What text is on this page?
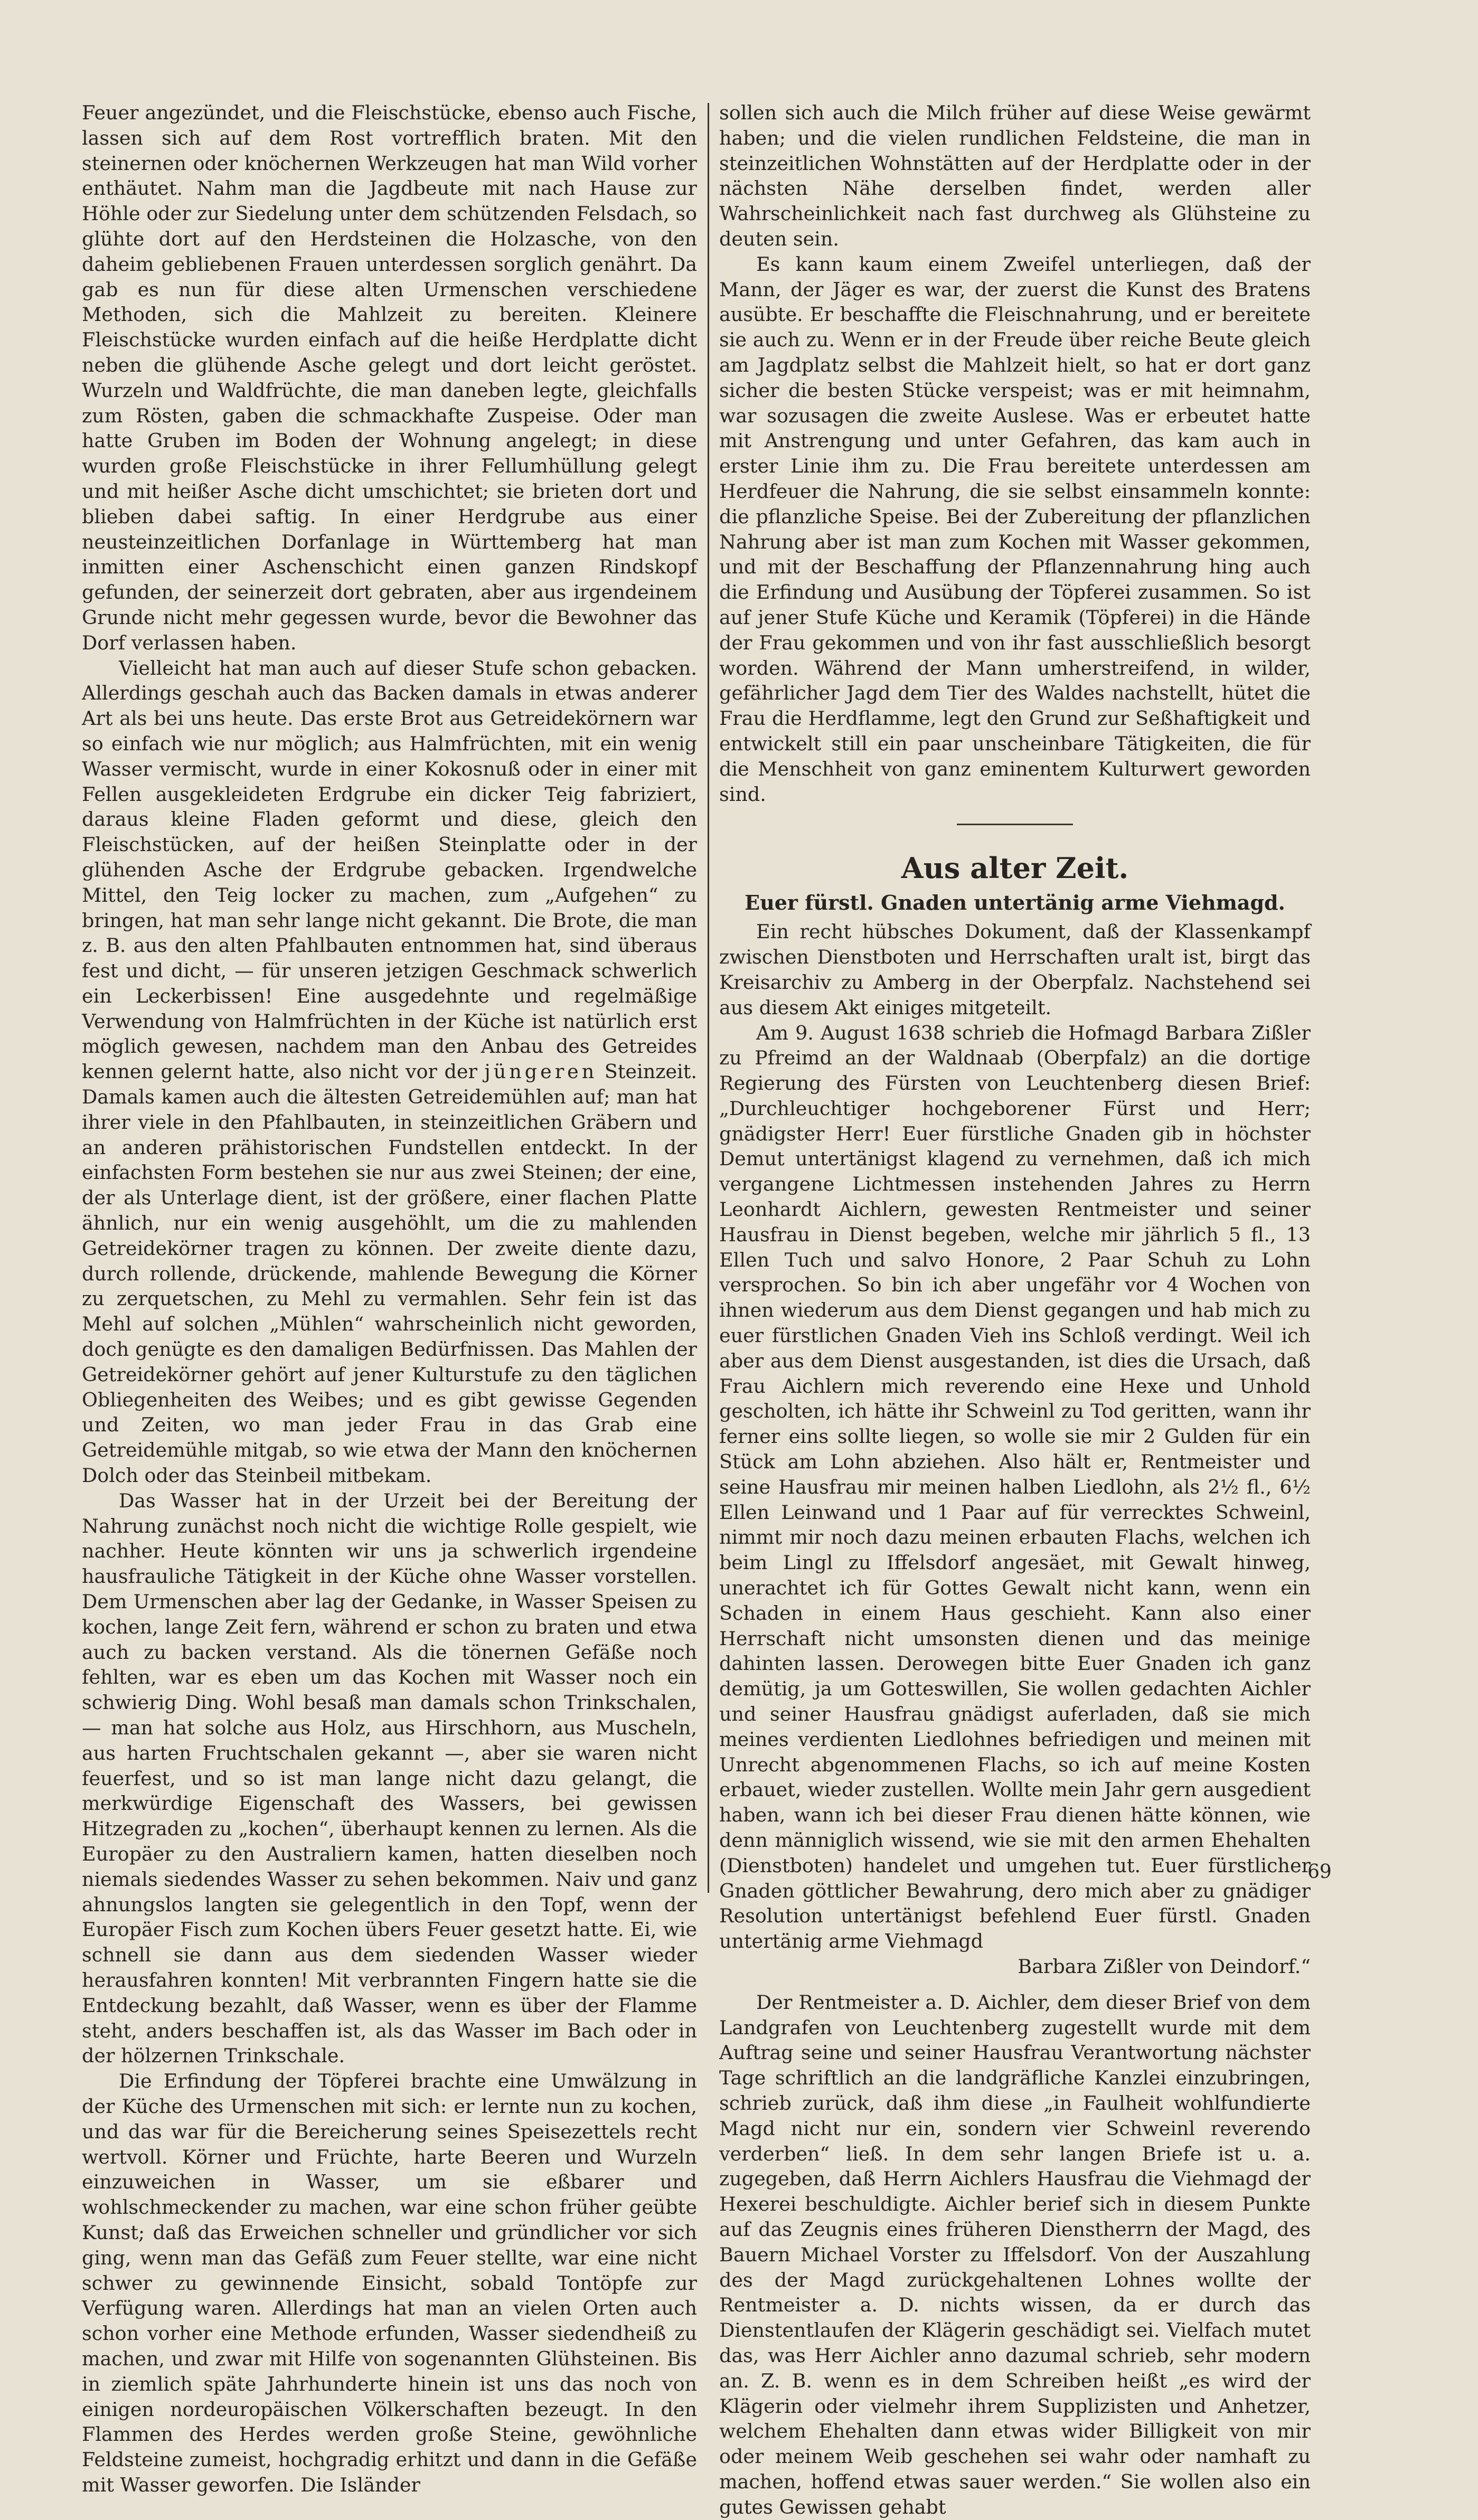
Feuer angezündet, und die Fleischstücke, ebenso auch Fische, lassen sich auf dem Rost vortrefflich braten. Mit den steinernen oder knöchernen Werkzeugen hat man Wild vorher enthäutet. Nahm man die Jagdbeute mit nach Hause zur Höhle oder zur Siedelung unter dem schützenden Felsdach, so glühte dort auf den Herdsteinen die Holzasche, von den daheim gebliebenen Frauen unterdessen sorglich genährt. Da gab es nun für diese alten Urmenschen verschiedene Methoden, sich die Mahlzeit zu bereiten. Kleinere Fleischstücke wurden einfach auf die heiße Herdplatte dicht neben die glühende Asche gelegt und dort leicht geröstet. Wurzeln und Waldfrüchte, die man daneben legte, gleichfalls zum Rösten, gaben die schmackhafte Zuspeise. Oder man hatte Gruben im Boden der Wohnung angelegt; in diese wurden große Fleischstücke in ihrer Fellumhüllung gelegt und mit heißer Asche dicht umschichtet; sie brieten dort und blieben dabei saftig. In einer Herdgrube aus einer neusteinzeitlichen Dorfanlage in Württemberg hat man inmitten einer Aschenschicht einen ganzen Rindskopf gefunden, der seinerzeit dort gebraten, aber aus irgendeinem Grunde nicht mehr gegessen wurde, bevor die Bewohner das Dorf verlassen haben.

Vielleicht hat man auch auf dieser Stufe schon gebacken. Allerdings geschah auch das Backen damals in etwas anderer Art als bei uns heute. Das erste Brot aus Getreidekörnern war so einfach wie nur möglich; aus Halmfrüchten, mit ein wenig Wasser vermischt, wurde in einer Kokosnuß oder in einer mit Fellen ausgekleideten Erdgrube ein dicker Teig fabriziert, daraus kleine Fladen geformt und diese, gleich den Fleischstücken, auf der heißen Steinplatte oder in der glühenden Asche der Erdgrube gebacken. Irgendwelche Mittel, den Teig locker zu machen, zum „Aufgehen“ zu bringen, hat man sehr lange nicht gekannt. Die Brote, die man z. B. aus den alten Pfahlbauten entnommen hat, sind überaus fest und dicht, — für unseren jetzigen Geschmack schwerlich ein Leckerbissen! Eine ausgedehnte und regelmäßige Verwendung von Halmfrüchten in der Küche ist natürlich erst möglich gewesen, nachdem man den Anbau des Getreides kennen gelernt hatte, also nicht vor der jüngeren Steinzeit. Damals kamen auch die ältesten Getreidemühlen auf; man hat ihrer viele in den Pfahlbauten, in steinzeitlichen Gräbern und an anderen prähistorischen Fundstellen entdeckt. In der einfachsten Form bestehen sie nur aus zwei Steinen; der eine, der als Unterlage dient, ist der größere, einer flachen Platte ähnlich, nur ein wenig ausgehöhlt, um die zu mahlenden Getreidekörner tragen zu können. Der zweite diente dazu, durch rollende, drückende, mahlende Bewegung die Körner zu zerquetschen, zu Mehl zu vermahlen. Sehr fein ist das Mehl auf solchen „Mühlen“ wahrscheinlich nicht geworden, doch genügte es den damaligen Bedürfnissen. Das Mahlen der Getreidekörner gehört auf jener Kulturstufe zu den täglichen Obliegenheiten des Weibes; und es gibt gewisse Gegenden und Zeiten, wo man jeder Frau in das Grab eine Getreidemühle mitgab, so wie etwa der Mann den knöchernen Dolch oder das Steinbeil mitbekam.

Das Wasser hat in der Urzeit bei der Bereitung der Nahrung zunächst noch nicht die wichtige Rolle gespielt, wie nachher. Heute könnten wir uns ja schwerlich irgendeine hausfrauliche Tätigkeit in der Küche ohne Wasser vorstellen. Dem Urmenschen aber lag der Gedanke, in Wasser Speisen zu kochen, lange Zeit fern, während er schon zu braten und etwa auch zu backen verstand. Als die tönernen Gefäße noch fehlten, war es eben um das Kochen mit Wasser noch ein schwierig Ding. Wohl besaß man damals schon Trinkschalen, — man hat solche aus Holz, aus Hirschhorn, aus Muscheln, aus harten Fruchtschalen gekannt —, aber sie waren nicht feuerfest, und so ist man lange nicht dazu gelangt, die merkwürdige Eigenschaft des Wassers, bei gewissen Hitzegraden zu „kochen“, überhaupt kennen zu lernen. Als die Europäer zu den Australiern kamen, hatten dieselben noch niemals siedendes Wasser zu sehen bekommen. Naiv und ganz ahnungslos langten sie gelegentlich in den Topf, wenn der Europäer Fisch zum Kochen übers Feuer gesetzt hatte. Ei, wie schnell sie dann aus dem siedenden Wasser wieder herausfahren konnten! Mit verbrannten Fingern hatte sie die Entdeckung bezahlt, daß Wasser, wenn es über der Flamme steht, anders beschaffen ist, als das Wasser im Bach oder in der hölzernen Trinkschale.

Die Erfindung der Töpferei brachte eine Umwälzung in der Küche des Urmenschen mit sich: er lernte nun zu kochen, und das war für die Bereicherung seines Speisezettels recht wertvoll. Körner und Früchte, harte Beeren und Wurzeln einzuweichen in Wasser, um sie eßbarer und wohlschmeckender zu machen, war eine schon früher geübte Kunst; daß das Erweichen schneller und gründlicher vor sich ging, wenn man das Gefäß zum Feuer stellte, war eine nicht schwer zu gewinnende Einsicht, sobald Tontöpfe zur Verfügung waren. Allerdings hat man an vielen Orten auch schon vorher eine Methode erfunden, Wasser siedendheiß zu machen, und zwar mit Hilfe von sogenannten Glühsteinen. Bis in ziemlich späte Jahrhunderte hinein ist uns das noch von einigen nordeuropäischen Völkerschaften bezeugt. In den Flammen des Herdes werden große Steine, gewöhnliche Feldsteine zumeist, hochgradig erhitzt und dann in die Gefäße mit Wasser geworfen. Die Isländer

sollen sich auch die Milch früher auf diese Weise gewärmt haben; und die vielen rundlichen Feldsteine, die man in steinzeitlichen Wohnstätten auf der Herdplatte oder in der nächsten Nähe derselben findet, werden aller Wahrscheinlichkeit nach fast durchweg als Glühsteine zu deuten sein.

Es kann kaum einem Zweifel unterliegen, daß der Mann, der Jäger es war, der zuerst die Kunst des Bratens ausübte. Er beschaffte die Fleischnahrung, und er bereitete sie auch zu. Wenn er in der Freude über reiche Beute gleich am Jagdplatz selbst die Mahlzeit hielt, so hat er dort ganz sicher die besten Stücke verspeist; was er mit heimnahm, war sozusagen die zweite Auslese. Was er erbeutet hatte mit Anstrengung und unter Gefahren, das kam auch in erster Linie ihm zu. Die Frau bereitete unterdessen am Herdfeuer die Nahrung, die sie selbst einsammeln konnte: die pflanzliche Speise. Bei der Zubereitung der pflanzlichen Nahrung aber ist man zum Kochen mit Wasser gekommen, und mit der Beschaffung der Pflanzennahrung hing auch die Erfindung und Ausübung der Töpferei zusammen. So ist auf jener Stufe Küche und Keramik (Töpferei) in die Hände der Frau gekommen und von ihr fast ausschließlich besorgt worden. Während der Mann umherstreifend, in wilder, gefährlicher Jagd dem Tier des Waldes nachstellt, hütet die Frau die Herdflamme, legt den Grund zur Seßhaftigkeit und entwickelt still ein paar unscheinbare Tätigkeiten, die für die Menschheit von ganz eminentem Kulturwert geworden sind.

Aus alter Zeit.
Euer fürstl. Gnaden untertänig arme Viehmagd.

Ein recht hübsches Dokument, daß der Klassenkampf zwischen Dienstboten und Herrschaften uralt ist, birgt das Kreisarchiv zu Amberg in der Oberpfalz. Nachstehend sei aus diesem Akt einiges mitgeteilt.

Am 9. August 1638 schrieb die Hofmagd Barbara Zißler zu Pfreimd an der Waldnaab (Oberpfalz) an die dortige Regierung des Fürsten von Leuchtenberg diesen Brief: „Durchleuchtiger hochgeborener Fürst und Herr; gnädigster Herr! Euer fürstliche Gnaden gib in höchster Demut untertänigst klagend zu vernehmen, daß ich mich vergangene Lichtmessen instehenden Jahres zu Herrn Leonhardt Aichlern, gewesten Rentmeister und seiner Hausfrau in Dienst begeben, welche mir jährlich 5 fl., 13 Ellen Tuch und salvo Honore, 2 Paar Schuh zu Lohn versprochen. So bin ich aber ungefähr vor 4 Wochen von ihnen wiederum aus dem Dienst gegangen und hab mich zu euer fürstlichen Gnaden Vieh ins Schloß verdingt. Weil ich aber aus dem Dienst ausgestanden, ist dies die Ursach, daß Frau Aichlern mich reverendo eine Hexe und Unhold gescholten, ich hätte ihr Schweinl zu Tod geritten, wann ihr ferner eins sollte liegen, so wolle sie mir 2 Gulden für ein Stück am Lohn abziehen. Also hält er, Rentmeister und seine Hausfrau mir meinen halben Liedlohn, als 2½ fl., 6½ Ellen Leinwand und 1 Paar auf für verrecktes Schweinl, nimmt mir noch dazu meinen erbauten Flachs, welchen ich beim Lingl zu Iffelsdorf angesäet, mit Gewalt hinweg, unerachtet ich für Gottes Gewalt nicht kann, wenn ein Schaden in einem Haus geschieht. Kann also einer Herrschaft nicht umsonsten dienen und das meinige dahinten lassen. Derowegen bitte Euer Gnaden ich ganz demütig, ja um Gotteswillen, Sie wollen gedachten Aichler und seiner Hausfrau gnädigst auferladen, daß sie mich meines verdienten Liedlohnes befriedigen und meinen mit Unrecht abgenommenen Flachs, so ich auf meine Kosten erbauet, wieder zustellen. Wollte mein Jahr gern ausgedient haben, wann ich bei dieser Frau dienen hätte können, wie denn männiglich wissend, wie sie mit den armen Ehehalten (Dienstboten) handelet und umgehen tut. Euer fürstlicher Gnaden göttlicher Bewahrung, dero mich aber zu gnädiger Resolution untertänigst befehlend Euer fürstl. Gnaden untertänig arme Viehmagd

Barbara Zißler von Deindorf.“

Der Rentmeister a. D. Aichler, dem dieser Brief von dem Landgrafen von Leuchtenberg zugestellt wurde mit dem Auftrag seine und seiner Hausfrau Verantwortung nächster Tage schriftlich an die landgräfliche Kanzlei einzubringen, schrieb zurück, daß ihm diese „in Faulheit wohlfundierte Magd nicht nur ein, sondern vier Schweinl reverendo verderben“ ließ. In dem sehr langen Briefe ist u. a. zugegeben, daß Herrn Aichlers Hausfrau die Viehmagd der Hexerei beschuldigte. Aichler berief sich in diesem Punkte auf das Zeugnis eines früheren Dienstherrn der Magd, des Bauern Michael Vorster zu Iffelsdorf. Von der Auszahlung des der Magd zurückgehaltenen Lohnes wollte der Rentmeister a. D. nichts wissen, da er durch das Dienstentlaufen der Klägerin geschädigt sei. Vielfach mutet das, was Herr Aichler anno dazumal schrieb, sehr modern an. Z. B. wenn es in dem Schreiben heißt „es wird der Klägerin oder vielmehr ihrem Supplizisten und Anhetzer, welchem Ehehalten dann etwas wider Billigkeit von mir oder meinem Weib geschehen sei wahr oder namhaft zu machen, hoffend etwas sauer werden.“ Sie wollen also ein gutes Gewissen gehabt

69
